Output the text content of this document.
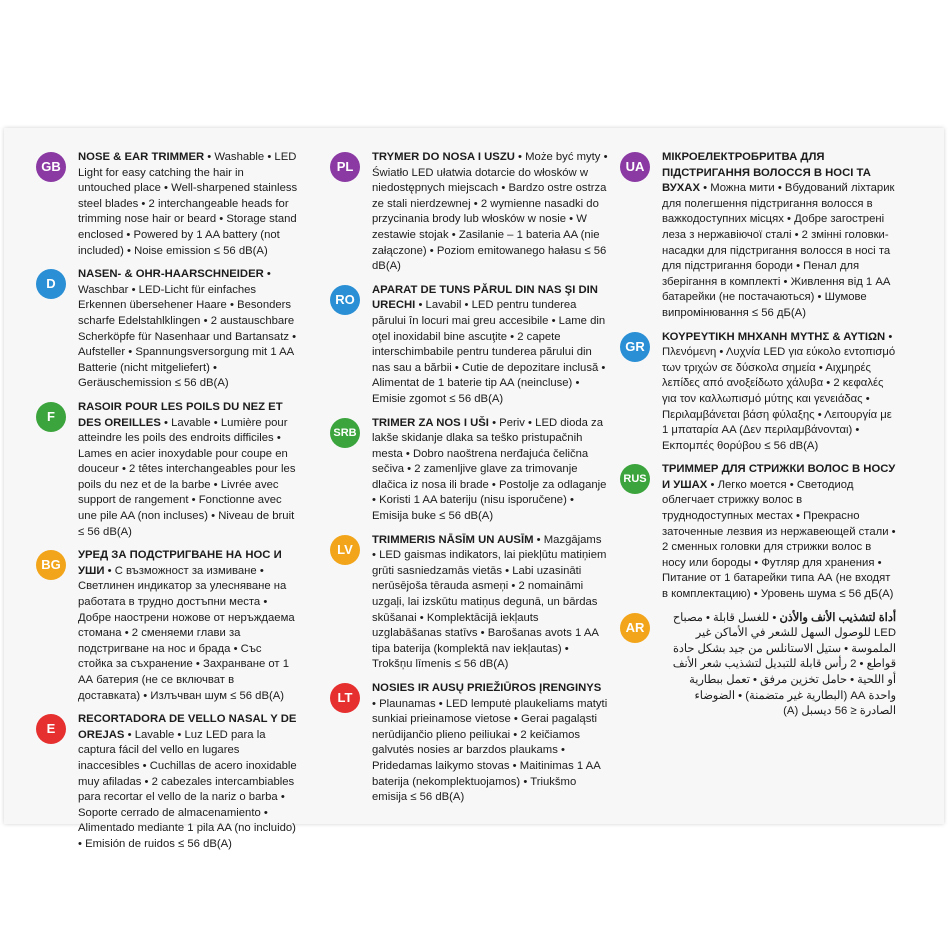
GB
NOSE & EAR TRIMMER • Washable • LED Light for easy catching the hair in untouched place • Well-sharpened stainless steel blades • 2 interchangeable heads for trimming nose hair or beard • Storage stand enclosed • Powered by 1 AA battery (not included) • Noise emission ≤ 56 dB(A)
D
NASEN- & OHR-HAARSCHNEIDER • Waschbar • LED-Licht für einfaches Erkennen übersehener Haare • Besonders scharfe Edelstahlklingen • 2 austauschbare Scherköpfe für Nasenhaar und Bartansatz • Aufsteller • Spannungsversorgung mit 1 AA Batterie (nicht mitgeliefert) • Geräuschemission ≤ 56 dB(A)
F
RASOIR POUR LES POILS DU NEZ ET DES OREILLES • Lavable • Lumière pour atteindre les poils des endroits difficiles • Lames en acier inoxydable pour coupe en douceur • 2 têtes interchangeables pour les poils du nez et de la barbe • Livrée avec support de rangement • Fonctionne avec une pile AA (non incluses) • Niveau de bruit ≤ 56 dB(A)
BG
УРЕД ЗА ПОДСТРИГВАНЕ НА НОС И УШИ • С възможност за измиване • Светлинен индикатор за улесняване на работата в трудно достъпни места • Добре наострени ножове от неръждаема стомана • 2 сменяеми глави за подстригване на нос и брада • Със стойка за съхранение • Захранване от 1 АА батерия (не се включват в доставката) • Излъчван шум ≤ 56 dB(A)
E
RECORTADORA DE VELLO NASAL Y DE OREJAS • Lavable • Luz LED para la captura fácil del vello en lugares inaccesibles • Cuchillas de acero inoxidable muy afiladas • 2 cabezales intercambiables para recortar el vello de la nariz o barba • Soporte cerrado de almacenamiento • Alimentado mediante 1 pila AA (no incluido) • Emisión de ruidos ≤ 56 dB(A)
PL
TRYMER DO NOSA I USZU • Może być myty • Światło LED ułatwia dotarcie do włosków w niedostępnych miejscach • Bardzo ostre ostrza ze stali nierdzewnej • 2 wymienne nasadki do przycinania brody lub włosków w nosie • W zestawie stojak • Zasilanie – 1 bateria AA (nie załączone) • Poziom emitowanego hałasu ≤ 56 dB(A)
RO
APARAT DE TUNS PĂRUL DIN NAS ŞI DIN URECHI • Lavabil • LED pentru tunderea părului în locuri mai greu accesibile • Lame din oţel inoxidabil bine ascuţite • 2 capete interschimbabile pentru tunderea părului din nas sau a bărbii • Cutie de depozitare inclusă • Alimentat de 1 baterie tip AA (neincluse) • Emisie zgomot ≤ 56 dB(A)
SRB
TRIMER ZA NOS I UŠI • Periv • LED dioda za lakše skidanje dlaka sa teško pristupačnih mesta • Dobro naoštrena nerđajuća čelična sečiva • 2 zamenljive glave za trimovanje dlačica iz nosa ili brade • Postolje za odlaganje • Koristi 1 AA bateriju (nisu isporučene) • Emisija buke ≤ 56 dB(A)
LV
TRIMMERIS NĀSĪM UN AUSĪM • Mazgājams • LED gaismas indikators, lai piekļūtu matiņiem grūti sasniedzamās vietās • Labi uzasināti nerūsējoša tērauda asmeņi • 2 nomaināmi uzgaļi, lai izskūtu matiņus degunā, un bārdas skūšanai • Komplektācijā iekļauts uzglabāšanas statīvs • Barošanas avots 1 AA tipa baterija (komplektā nav iekļautas) • Trokšņu līmenis ≤ 56 dB(A)
LT
NOSIES IR AUSŲ PRIEŽIŪROS ĮRENGINYS • Plaunamas • LED lemputė plaukeliams matyti sunkiai prieinamose vietose • Gerai pagaląsti nerūdijančio plieno peiliukai • 2 keičiamos galvutės nosies ar barzdos plaukams • Pridedamas laikymo stovas • Maitinimas 1 AA baterija (nekomplektuojamos) • Triukšmo emisija ≤ 56 dB(A)
UA
МІКРОЕЛЕКТРОБРИТВА ДЛЯ ПІДСТРИГАННЯ ВОЛОССЯ В НОСІ ТА ВУХАХ • Можна мити • Вбудований ліхтарик для полегшення підстригання волосся в важкодоступних місцях • Добре загострені леза з нержавіючої сталі • 2 змінні головки-насадки для підстригання волосся в носі та для підстригання бороди • Пенал для зберігання в комплекті • Живлення від 1 АА батарейки (не постачаються) • Шумове випромінювання ≤ 56 дБ(А)
GR
ΚΟΥΡΕΥΤΙΚΗ ΜΗΧΑΝΗ ΜΥΤΗΣ & ΑΥΤΙΩΝ • Πλενόμενη • Λυχνία LED για εύκολο εντοπισμό των τριχών σε δύσκολα σημεία • Αιχμηρές λεπίδες από ανοξείδωτο χάλυβα • 2 κεφαλές για τον καλλωπισμό μύτης και γενειάδας • Περιλαμβάνεται βάση φύλαξης • Λειτουργία με 1 μπαταρία AA (Δεν περιλαμβάνονται) • Εκπομπές θορύβου ≤ 56 dB(A)
RUS
ТРИММЕР ДЛЯ СТРИЖКИ ВОЛОС В НОСУ И УШАХ • Легко моется • Светодиод облегчает стрижку волос в труднодоступных местах • Прекрасно заточенные лезвия из нержавеющей стали • 2 сменных головки для стрижки волос в носу или бороды • Футляр для хранения • Питание от 1 батарейки типа АА (не входят в комплектацию) • Уровень шума ≤ 56 дБ(А)
AR
أداة لتشذيب الأنف والأذن • للغسل قابلة • مصباح LED للوصول السهل للشعر في الأماكن غير الملموسة • ستيل الاستانلس من جيد بشكل حادة قواطع • 2 رأس قابلة للتبديل لتشذيب شعر الأنف أو اللحية • حامل تخزين مرفق • تعمل ببطارية واحدة AA (البطارية غير متضمنة) • الضوضاء الصادرة ≤ 56 ديسبل (A)
